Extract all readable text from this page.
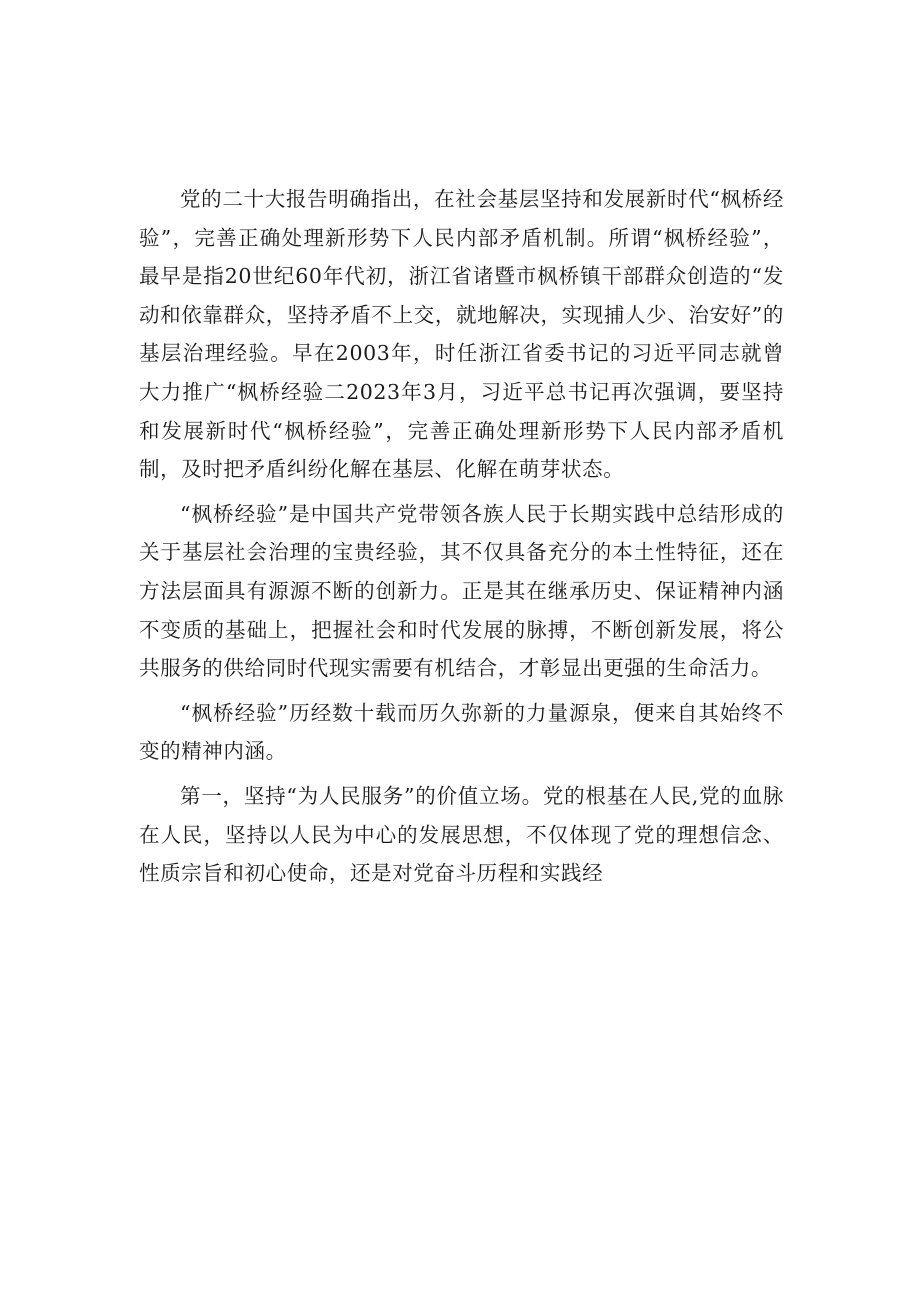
党的二十大报告明确指出，在社会基层坚持和发展新时代“枫桥经验”，完善正确处理新形势下人民内部矛盾机制。所谓“枫桥经验”，最早是指20世纪60年代初，浙江省诸暨市枫桥镇干部群众创造的“发动和依靠群众，坚持矛盾不上交，就地解决，实现捕人少、治安好”的基层治理经验。早在2003年，时任浙江省委书记的习近平同志就曾大力推广“枫桥经验二2023年3月，习近平总书记再次强调，要坚持和发展新时代“枫桥经验”，完善正确处理新形势下人民内部矛盾机制，及时把矛盾纠纷化解在基层、化解在萌芽状态。

“枫桥经验”是中国共产党带领各族人民于长期实践中总结形成的关于基层社会治理的宝贵经验，其不仅具备充分的本土性特征，还在方法层面具有源源不断的创新力。正是其在继承历史、保证精神内涵不变质的基础上，把握社会和时代发展的脉搏，不断创新发展，将公共服务的供给同时代现实需要有机结合，才彰显出更强的生命活力。

“枫桥经验”历经数十载而历久弥新的力量源泉，便来自其始终不变的精神内涵。

第一，坚持“为人民服务”的价值立场。党的根基在人民,党的血脉在人民，坚持以人民为中心的发展思想，不仅体现了党的理想信念、性质宗旨和初心使命，还是对党奋斗历程和实践经
